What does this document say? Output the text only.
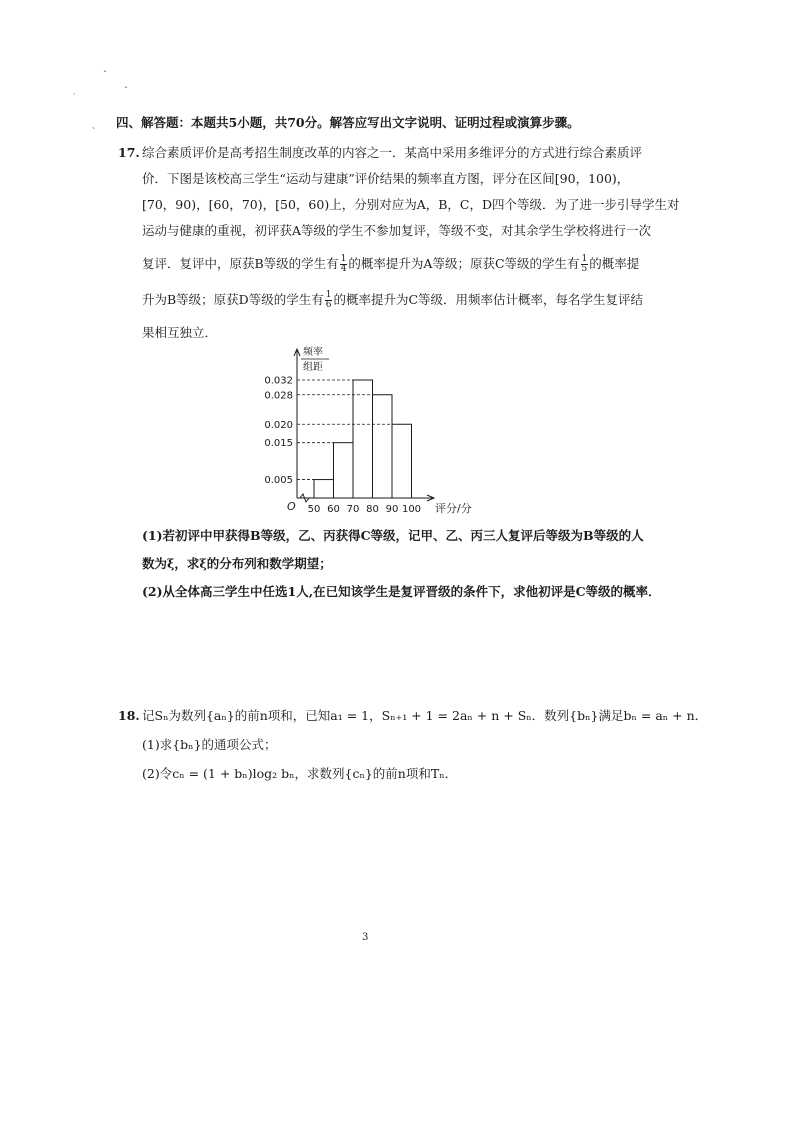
ˇ
ˇ
·
、 四、解答题：本题共5小题，共70分。解答应写出文字说明、证明过程或演算步骤。
17. 综合素质评价是高考招生制度改革的内容之一．某高中采用多维评分的方式进行综合素质评
价．下图是该校高三学生“运动与建康”评价结果的频率直方图，评分在区间[90，100)，
[70，90)，[60，70)，[50，60)上，分别对应为A，B，C，D四个等级．为了进一步引导学生对
运动与健康的重视，初评获A等级的学生不参加复评，等级不变，对其余学生学校将进行一次
复评．复评中，原获B等级的学生有 $\frac{1}{4}$ 的概率提升为A等级；原获C等级的学生有 $\frac{1}{5}$ 的概率提
升为B等级；原获D等级的学生有 $\frac{1}{6}$ 的概率提升为C等级．用频率估计概率，每名学生复评结
果相互独立．
频率
组距
0.005
0.015
0.020
0.028
0.032
50 60 70 80 90 100
O	评分/分
(1)若初评中甲获得B等级，乙、丙获得C等级，记甲、乙、丙三人复评后等级为B等级的人
数为ξ，求ξ的分布列和数学期望；
(2)从全体高三学生中任选1人,在已知该学生是复评晋级的条件下，求他初评是C等级的概率．
18. 记Sₙ为数列{aₙ}的前n项和，已知a₁ = 1，Sₙ₊₁ + 1 = 2aₙ + n + Sₙ．数列{bₙ}满足bₙ = aₙ + n．
(1)求{bₙ}的通项公式；
(2)令cₙ = (1 + bₙ)log₂ bₙ，求数列{cₙ}的前n项和Tₙ．
3
